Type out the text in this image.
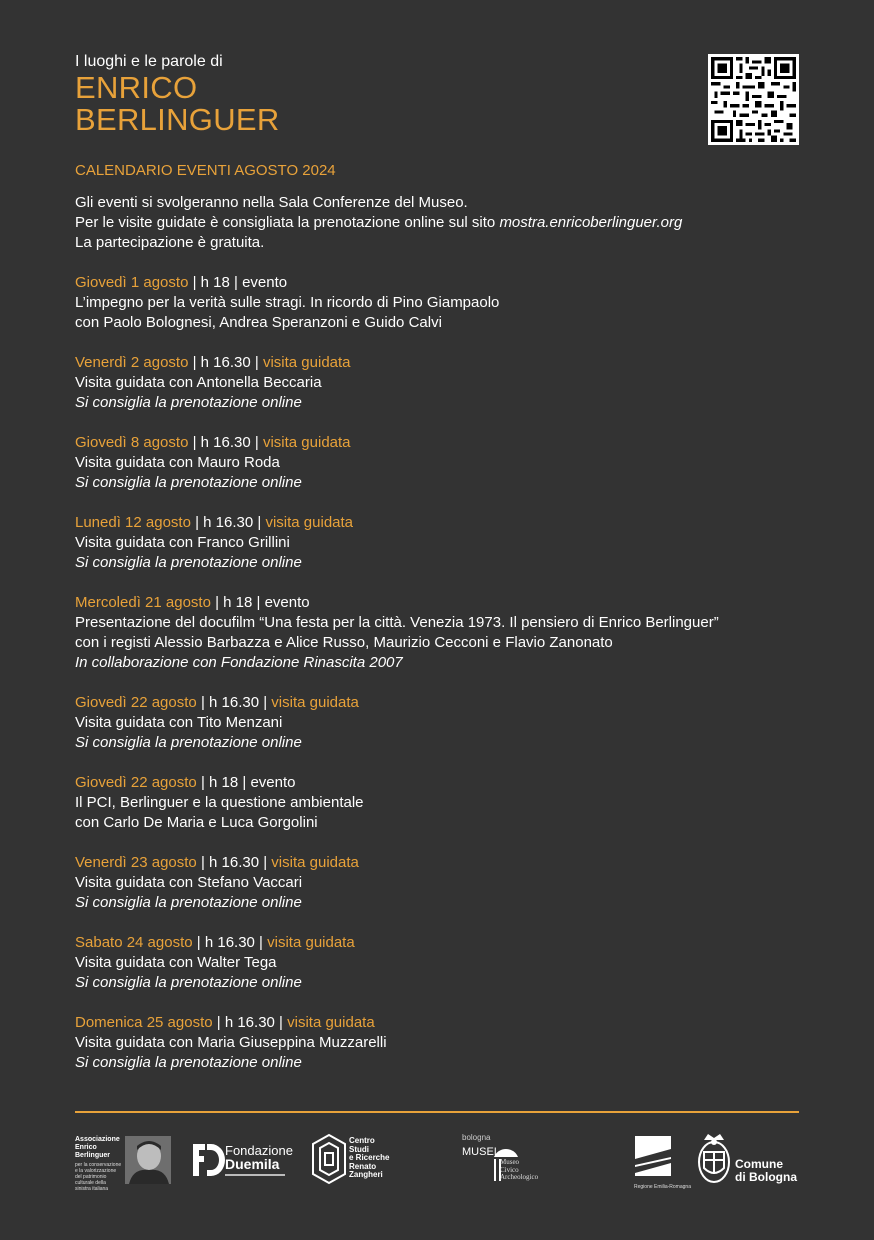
I luoghi e le parole di
ENRICO
BERLINGUER
CALENDARIO EVENTI AGOSTO 2024
Gli eventi si svolgeranno nella Sala Conferenze del Museo.
Per le visite guidate è consigliata la prenotazione online sul sito mostra.enricoberlinguer.org
La partecipazione è gratuita.
Giovedì 1 agosto | h 18 | evento
L’impegno per la verità sulle stragi. In ricordo di Pino Giampaolo
con Paolo Bolognesi, Andrea Speranzoni e Guido Calvi
Venerdì 2 agosto | h 16.30 | visita guidata
Visita guidata con Antonella Beccaria
Si consiglia la prenotazione online
Giovedì 8 agosto | h 16.30 | visita guidata
Visita guidata con Mauro Roda
Si consiglia la prenotazione online
Lunedì 12 agosto | h 16.30 | visita guidata
Visita guidata con Franco Grillini
Si consiglia la prenotazione online
Mercoledì 21 agosto | h 18 | evento
Presentazione del docufilm “Una festa per la città. Venezia 1973. Il pensiero di Enrico Berlinguer”
con i registi Alessio Barbazza e Alice Russo, Maurizio Cecconi e Flavio Zanonato
In collaborazione con Fondazione Rinascita 2007
Giovedì 22 agosto | h 16.30 | visita guidata
Visita guidata con Tito Menzani
Si consiglia la prenotazione online
Giovedì 22 agosto | h 18 | evento
Il PCI, Berlinguer e la questione ambientale
con Carlo De Maria e Luca Gorgolini
Venerdì 23 agosto | h 16.30 | visita guidata
Visita guidata con Stefano Vaccari
Si consiglia la prenotazione online
Sabato 24 agosto | h 16.30 | visita guidata
Visita guidata con Walter Tega
Si consiglia la prenotazione online
Domenica 25 agosto | h 16.30 | visita guidata
Visita guidata con Maria Giuseppina Muzzarelli
Si consiglia la prenotazione online
Associazione
Enrico
Berlinguer
per la conservazione e la valorizzazione del patrimonio culturale della sinistra italiana
Fondazione
Duemila
Centro
Studi
e Ricerche
Renato
Zangheri
bologna
MUSEI
Museo
Civico
Archeologico
Regione Emilia-Romagna
Comune
di Bologna
